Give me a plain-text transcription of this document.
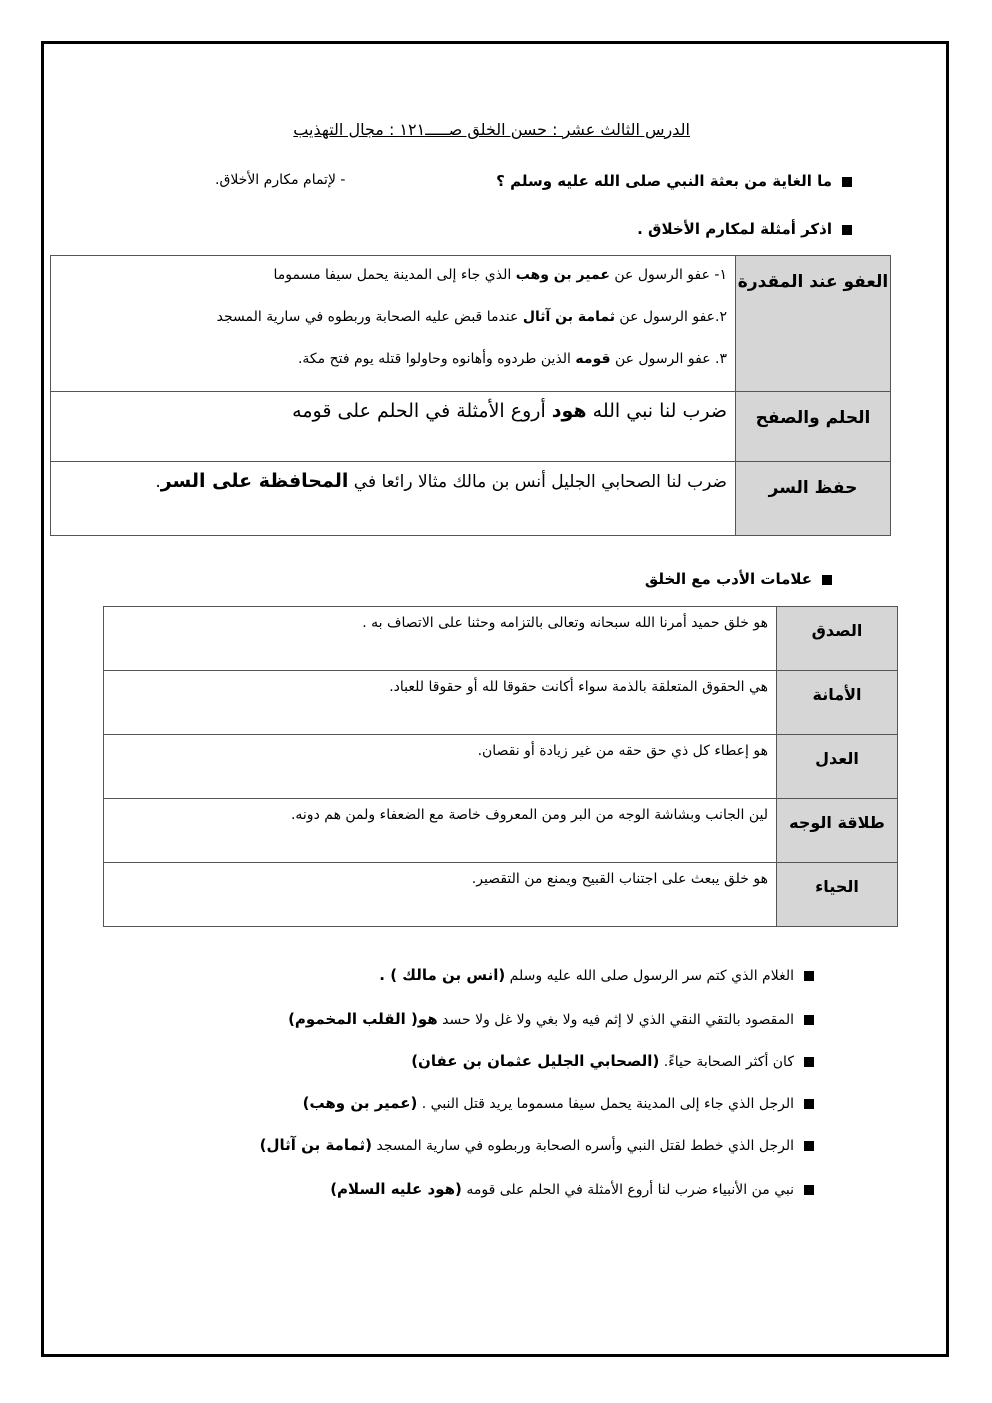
الدرس الثالث عشر : حسن الخلق صـــــ١٢١ : مجال التهذيب
ما الغاية من بعثة النبي صلى الله عليه وسلم ؟
- لإتمام مكارم الأخلاق.
اذكر أمثلة لمكارم الأخلاق .
العفو عند المقدرة	١- عفو الرسول عن عمير بن وهب الذي جاء إلى المدينة يحمل سيفا مسموما
٢.عفو الرسول عن ثمامة بن آثال عندما قبض عليه الصحابة وربطوه في سارية المسجد
٣. عفو الرسول عن قومه الذين طردوه وأهانوه وحاولوا قتله يوم فتح مكة.

الحلم والصفح	ضرب لنا نبي الله هود أروع الأمثلة في الحلم على قومه
حفظ السر	ضرب لنا الصحابي الجليل أنس بن مالك مثالا رائعا في المحافظة على السر.
علامات الأدب مع الخلق
الصدق	هو خلق حميد أمرنا الله سبحانه وتعالى بالتزامه وحثنا على الاتصاف به .
الأمانة	هي الحقوق المتعلقة بالذمة سواء أكانت حقوقا لله أو حقوقا للعباد.
العدل	هو إعطاء كل ذي حق حقه من غير زيادة أو نقصان.
طلاقة الوجه	لين الجانب وبشاشة الوجه من البر ومن المعروف خاصة مع الضعفاء ولمن هم دونه.
الحياء	هو خلق يبعث على اجتناب القبيح ويمنع من التقصير.
الغلام الذي كتم سر الرسول صلى الله عليه وسلم (انس بن مالك ) .
المقصود بالتقي النقي الذي لا إثم فيه ولا بغي ولا غل ولا حسد هو( القلب المخموم)
كان أكثر الصحابة حياءً. (الصحابي الجليل عثمان بن عفان)
الرجل الذي جاء إلى المدينة يحمل سيفا مسموما يريد قتل النبي . (عمير بن وهب)
الرجل الذي خطط لقتل النبي وأسره الصحابة وربطوه في سارية المسجد (ثمامة بن آثال)
نبي من الأنبياء ضرب لنا أروع الأمثلة في الحلم على قومه (هود عليه السلام)
